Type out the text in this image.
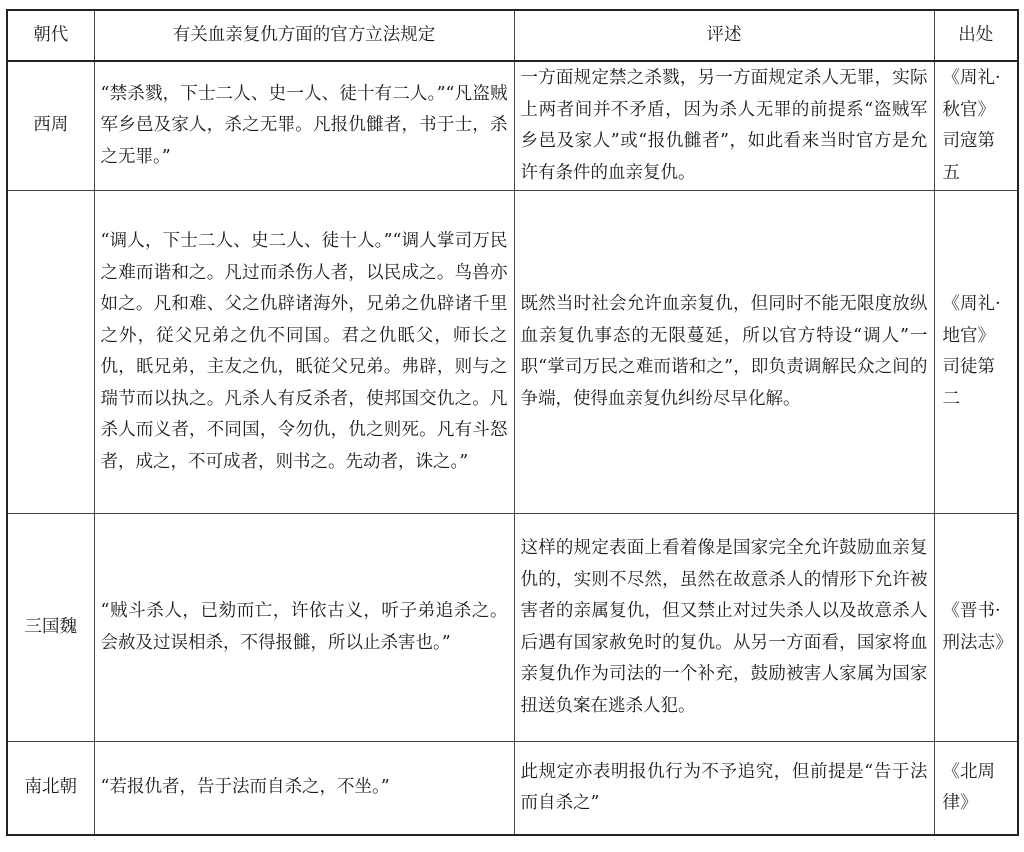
朝代	有关血亲复仇方面的官方立法规定	评述	出处
西周	“禁杀戮，下士二人、史一人、徒十有二人。”“凡盗贼军乡邑及家人，杀之无罪。凡报仇雠者，书于士，杀之无罪。”	一方面规定禁之杀戮，另一方面规定杀人无罪，实际上两者间并不矛盾，因为杀人无罪的前提系“盗贼军乡邑及家人”或“报仇雠者”，如此看来当时官方是允许有条件的血亲复仇。	《周礼·秋官》司寇第五
	“调人，下士二人、史二人、徒十人。”“调人掌司万民之难而谐和之。凡过而杀伤人者，以民成之。鸟兽亦如之。凡和难、父之仇辟诸海外，兄弟之仇辟诸千里之外，従父兄弟之仇不同国。君之仇眂父，师长之仇，眂兄弟，主友之仇，眂従父兄弟。弗辟，则与之瑞节而以执之。凡杀人有反杀者，使邦国交仇之。凡杀人而义者，不同国，令勿仇，仇之则死。凡有斗怒者，成之，不可成者，则书之。先动者，诛之。”	既然当时社会允许血亲复仇，但同时不能无限度放纵血亲复仇事态的无限蔓延，所以官方特设“调人”一职“掌司万民之难而谐和之”，即负责调解民众之间的争端，使得血亲复仇纠纷尽早化解。	《周礼·地官》司徒第二
三国魏	“贼斗杀人，已劾而亡，许依古义，听子弟追杀之。会赦及过误相杀，不得报雠，所以止杀害也。”	这样的规定表面上看着像是国家完全允许鼓励血亲复仇的，实则不尽然，虽然在故意杀人的情形下允许被害者的亲属复仇，但又禁止对过失杀人以及故意杀人后遇有国家赦免时的复仇。从另一方面看，国家将血亲复仇作为司法的一个补充，鼓励被害人家属为国家扭送负案在逃杀人犯。	《晋书·刑法志》
南北朝	“若报仇者，告于法而自杀之，不坐。”	此规定亦表明报仇行为不予追究，但前提是“告于法而自杀之”	《北周律》
